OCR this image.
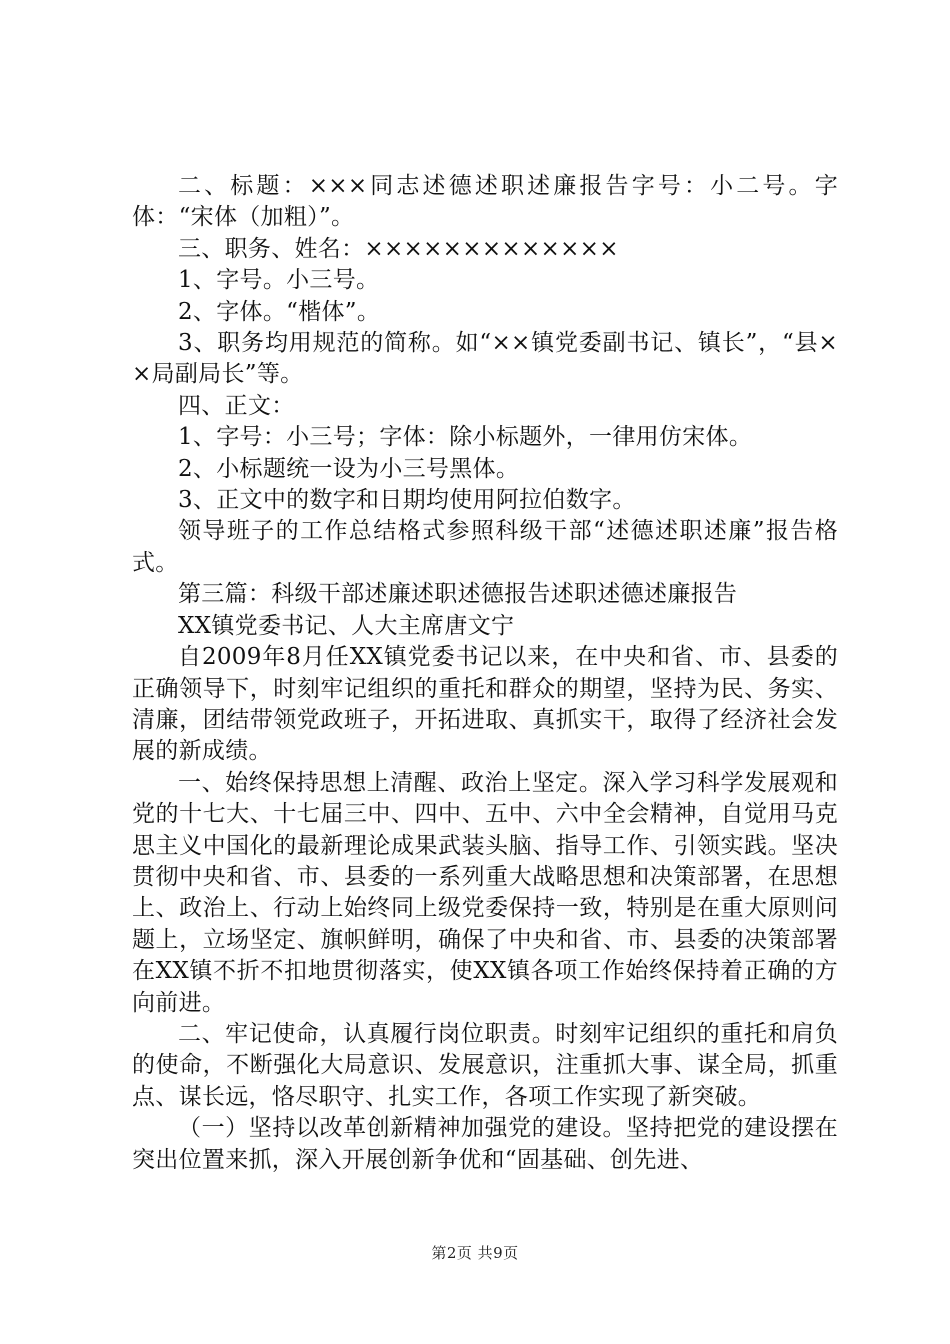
二、标题：×××同志述德述职述廉报告字号：小二号。字体：“宋体（加粗）”。

三、职务、姓名：×××××××××××××

1、字号。小三号。

2、字体。“楷体”。

3、职务均用规范的简称。如“××镇党委副书记、镇长”，“县××局副局长”等。

四、正文：

1、字号：小三号；字体：除小标题外，一律用仿宋体。

2、小标题统一设为小三号黑体。

3、正文中的数字和日期均使用阿拉伯数字。

领导班子的工作总结格式参照科级干部“述德述职述廉”报告格式。

第三篇：科级干部述廉述职述德报告述职述德述廉报告

XX镇党委书记、人大主席唐文宁

自2009年8月任XX镇党委书记以来，在中央和省、市、县委的正确领导下，时刻牢记组织的重托和群众的期望，坚持为民、务实、清廉，团结带领党政班子，开拓进取、真抓实干，取得了经济社会发展的新成绩。

一、始终保持思想上清醒、政治上坚定。深入学习科学发展观和党的十七大、十七届三中、四中、五中、六中全会精神，自觉用马克思主义中国化的最新理论成果武装头脑、指导工作、引领实践。坚决贯彻中央和省、市、县委的一系列重大战略思想和决策部署，在思想上、政治上、行动上始终同上级党委保持一致，特别是在重大原则问题上，立场坚定、旗帜鲜明，确保了中央和省、市、县委的决策部署在XX镇不折不扣地贯彻落实，使XX镇各项工作始终保持着正确的方向前进。

二、牢记使命，认真履行岗位职责。时刻牢记组织的重托和肩负的使命，不断强化大局意识、发展意识，注重抓大事、谋全局，抓重点、谋长远，恪尽职守、扎实工作，各项工作实现了新突破。

（一）坚持以改革创新精神加强党的建设。坚持把党的建设摆在突出位置来抓，深入开展创新争优和“固基础、创先进、

第2页 共9页
